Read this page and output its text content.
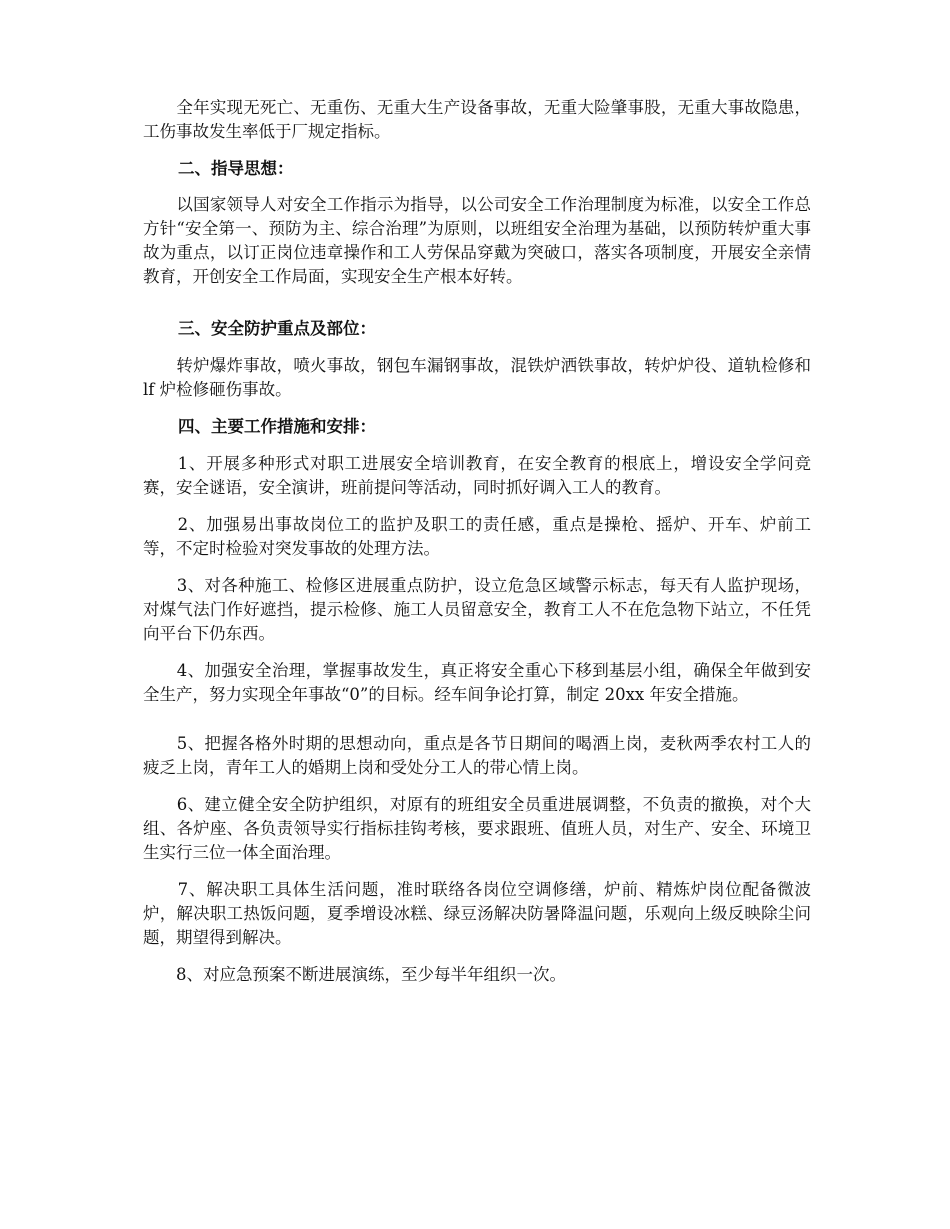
　　全年实现无死亡、无重伤、无重大生产设备事故，无重大险肇事股，无重大事故隐患，工伤事故发生率低于厂规定指标。

二、指导思想：

　　以国家领导人对安全工作指示为指导，以公司安全工作治理制度为标准，以安全工作总方针“安全第一、预防为主、综合治理”为原则，以班组安全治理为基础，以预防转炉重大事故为重点，以订正岗位违章操作和工人劳保品穿戴为突破口，落实各项制度，开展安全亲情教育，开创安全工作局面，实现安全生产根本好转。

三、安全防护重点及部位：

　　转炉爆炸事故，喷火事故，钢包车漏钢事故，混铁炉洒铁事故，转炉炉役、道轨检修和 lf 炉检修砸伤事故。

四、主要工作措施和安排：

　　1、开展多种形式对职工进展安全培训教育，在安全教育的根底上，增设安全学问竞赛，安全谜语，安全演讲，班前提问等活动，同时抓好调入工人的教育。

　　2、加强易出事故岗位工的监护及职工的责任感，重点是操枪、摇炉、开车、炉前工等，不定时检验对突发事故的处理方法。

　　3、对各种施工、检修区进展重点防护，设立危急区域警示标志，每天有人监护现场，对煤气法门作好遮挡，提示检修、施工人员留意安全，教育工人不在危急物下站立，不任凭向平台下仍东西。

　　4、加强安全治理，掌握事故发生，真正将安全重心下移到基层小组，确保全年做到安全生产，努力实现全年事故“0”的目标。经车间争论打算，制定 20xx 年安全措施。

　　5、把握各格外时期的思想动向，重点是各节日期间的喝酒上岗，麦秋两季农村工人的疲乏上岗，青年工人的婚期上岗和受处分工人的带心情上岗。

　　6、建立健全安全防护组织，对原有的班组安全员重进展调整，不负责的撤换，对个大组、各炉座、各负责领导实行指标挂钩考核，要求跟班、值班人员，对生产、安全、环境卫生实行三位一体全面治理。

　　7、解决职工具体生活问题，准时联络各岗位空调修缮，炉前、精炼炉岗位配备微波炉，解决职工热饭问题，夏季增设冰糕、绿豆汤解决防暑降温问题，乐观向上级反映除尘问题，期望得到解决。

　　8、对应急预案不断进展演练，至少每半年组织一次。
